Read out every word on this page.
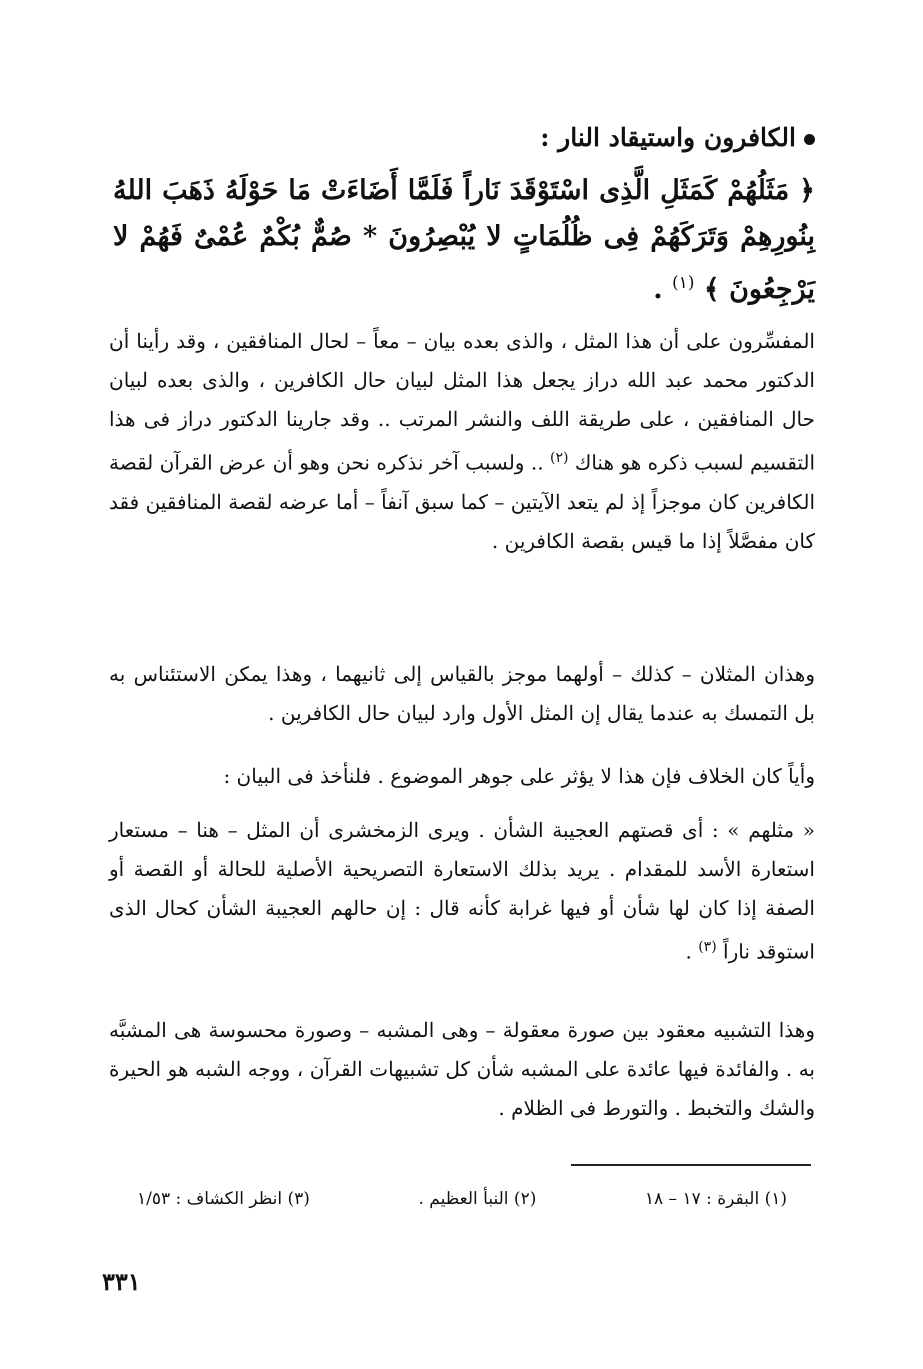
الكافرون واستيقاد النار :
﴿ مَثَلُهُمْ كَمَثَلِ الَّذِى اسْتَوْقَدَ نَاراً فَلَمَّا أَضَاءَتْ مَا حَوْلَهُ ذَهَبَ اللهُ بِنُورِهِمْ وَتَرَكَهُمْ فِى ظُلُمَاتٍ لا يُبْصِرُونَ * صُمٌّ بُكْمٌ عُمْىٌ فَهُمْ لا يَرْجِعُونَ ﴾ $^{(١)}$ .

المفسِّرون على أن هذا المثل ، والذى بعده بيان – معاً – لحال المنافقين ، وقد رأينا أن الدكتور محمد عبد الله دراز يجعل هذا المثل لبيان حال الكافرين ، والذى بعده لبيان حال المنافقين ، على طريقة اللف والنشر المرتب .. وقد جارينا الدكتور دراز فى هذا التقسيم لسبب ذكره هو هناك $^{(٢)}$ .. ولسبب آخر نذكره نحن وهو أن عرض القرآن لقصة الكافرين كان موجزاً إذ لم يتعد الآيتين – كما سبق آنفاً – أما عرضه لقصة المنافقين فقد كان مفصَّلاً إذا ما قيس بقصة الكافرين .

وهذان المثلان – كذلك – أولهما موجز بالقياس إلى ثانيهما ، وهذا يمكن الاستئناس به بل التمسك به عندما يقال إن المثل الأول وارد لبيان حال الكافرين .

وأياً كان الخلاف فإن هذا لا يؤثر على جوهر الموضوع . فلنأخذ فى البيان :

« مثلهم » : أى قصتهم العجيبة الشأن . ويرى الزمخشرى أن المثل – هنا – مستعار استعارة الأسد للمقدام . يريد بذلك الاستعارة التصريحية الأصلية للحالة أو القصة أو الصفة إذا كان لها شأن أو فيها غرابة كأنه قال : إن حالهم العجيبة الشأن كحال الذى استوقد ناراً $^{(٣)}$ .

وهذا التشبيه معقود بين صورة معقولة – وهى المشبه – وصورة محسوسة هى المشبَّه به . والفائدة فيها عائدة على المشبه شأن كل تشبيهات القرآن ، ووجه الشبه هو الحيرة والشك والتخبط . والتورط فى الظلام .

(١) البقرة : ١٧ – ١٨
(٢) النبأ العظيم .
(٣) انظر الكشاف : ١/٥٣
٣٣١
